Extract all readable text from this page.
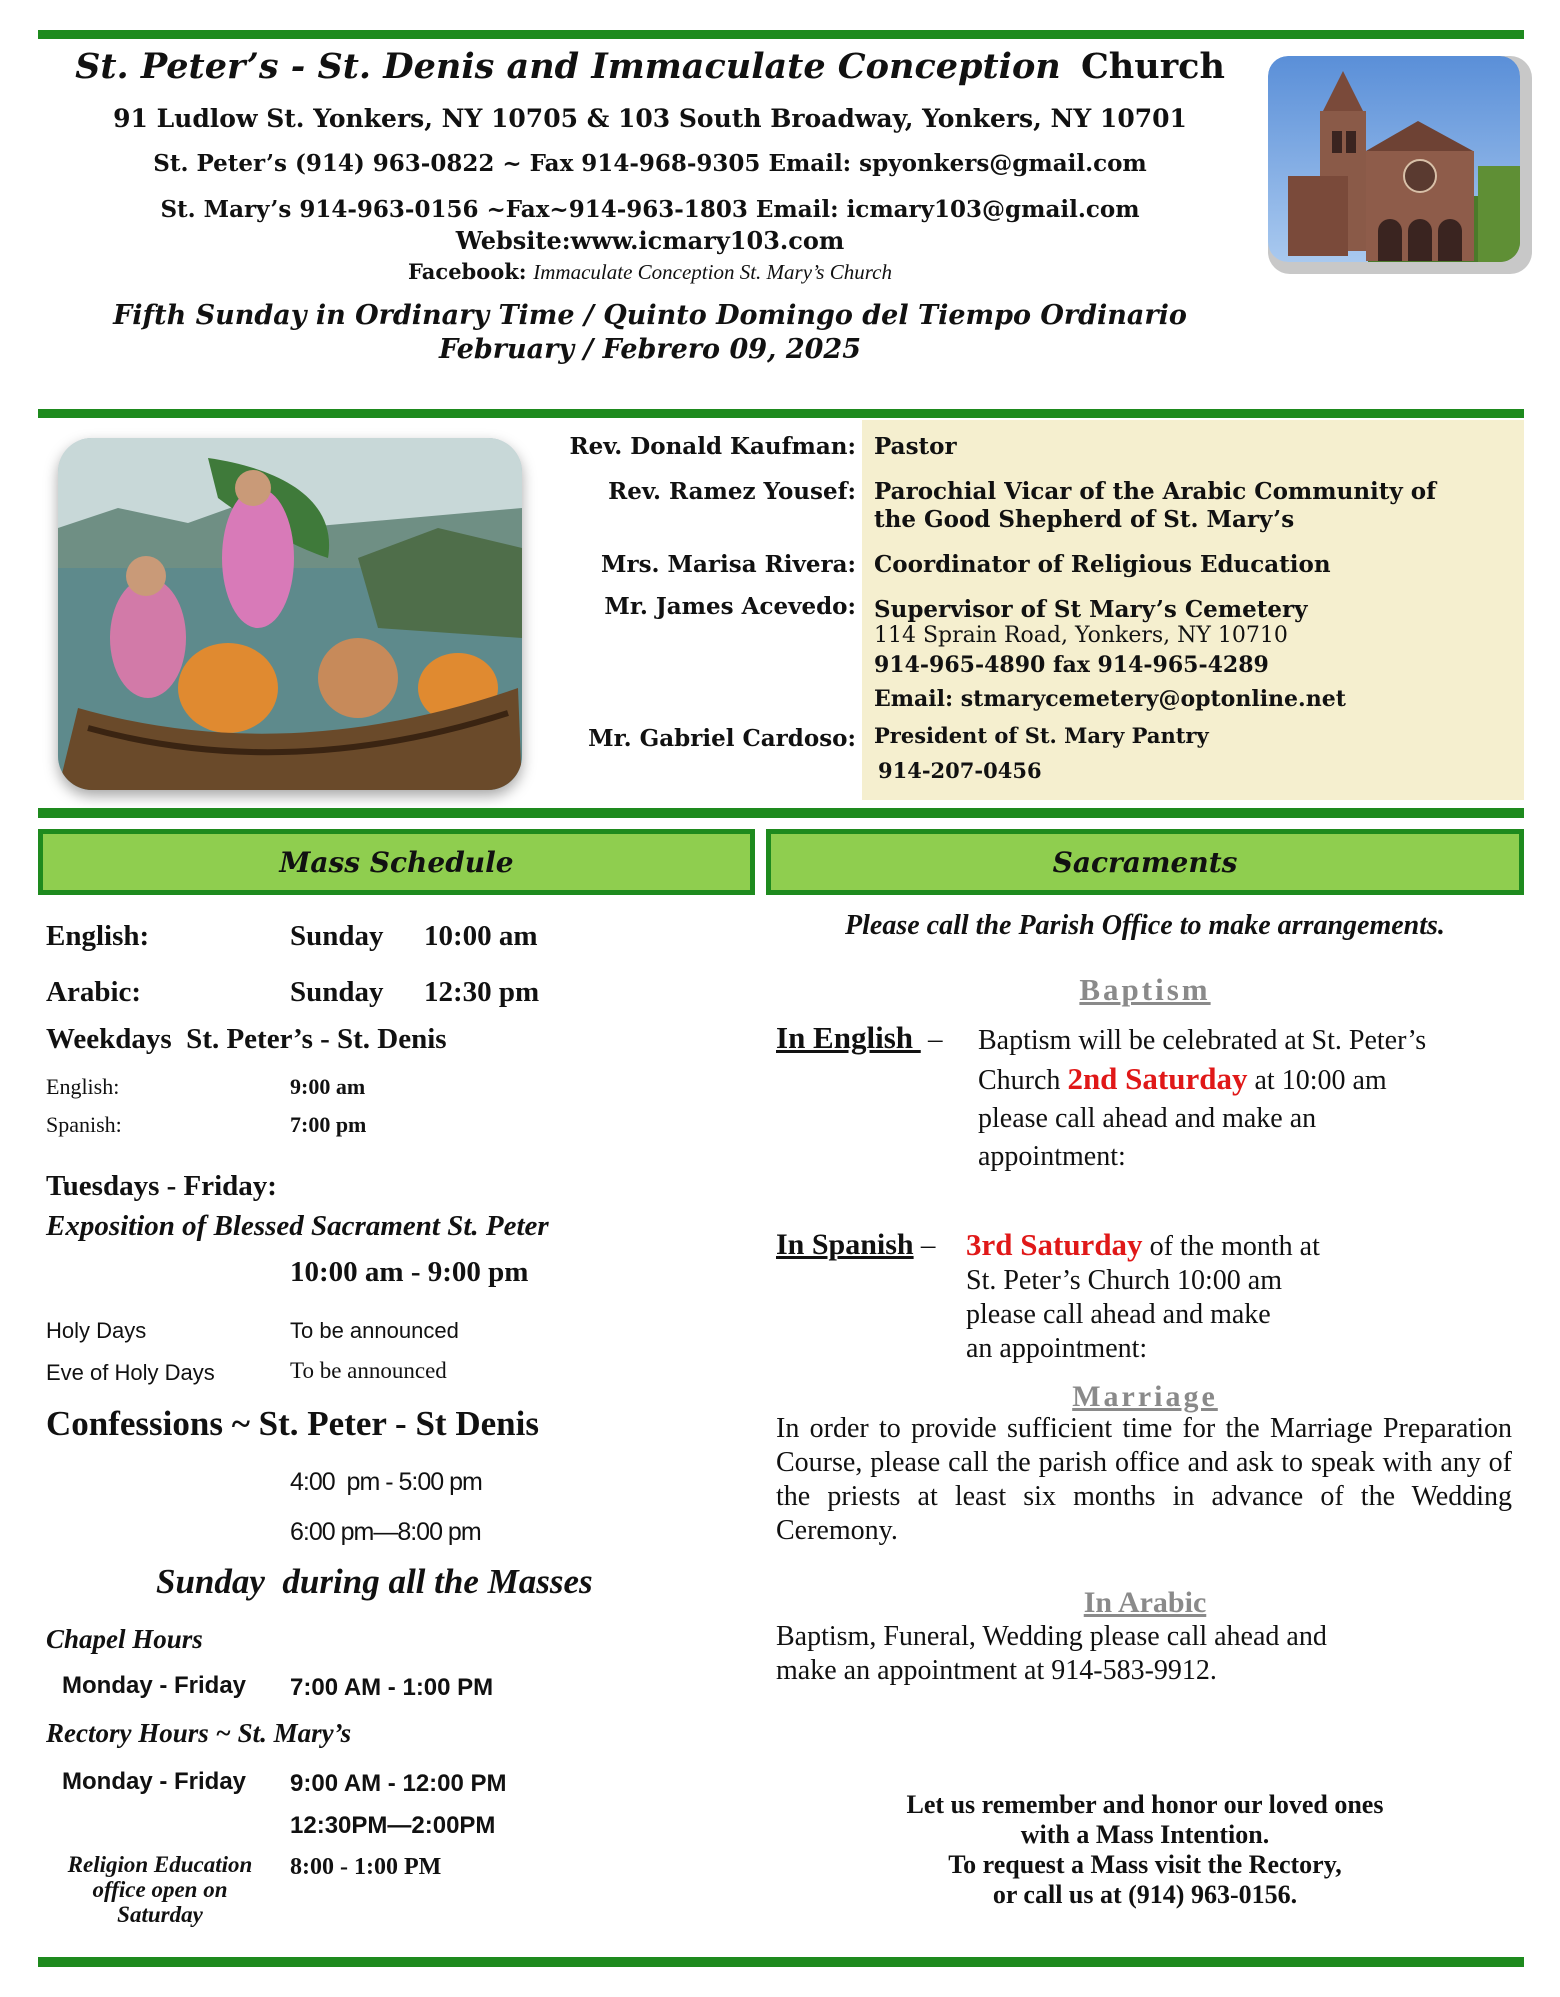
St. Peter’s - St. Denis and Immaculate Conception Church
91 Ludlow St. Yonkers, NY 10705 & 103 South Broadway, Yonkers, NY 10701
St. Peter’s (914) 963-0822 ~ Fax 914-968-9305 Email: spyonkers@gmail.com
St. Mary’s 914-963-0156 ~Fax~914-963-1803 Email: icmary103@gmail.com
Website:www.icmary103.com
Facebook: Immaculate Conception St. Mary’s Church
Fifth Sunday in Ordinary Time / Quinto Domingo del Tiempo Ordinario
February / Febrero 09, 2025
Rev. Donald Kaufman: Pastor
Rev. Ramez Yousef: Parochial Vicar of the Arabic Community of
the Good Shepherd of St. Mary’s
Mrs. Marisa Rivera: Coordinator of Religious Education
Mr. James Acevedo: Supervisor of St Mary’s Cemetery
114 Sprain Road, Yonkers, NY 10710
914-965-4890 fax 914-965-4289
Email: stmarycemetery@optonline.net
Mr. Gabriel Cardoso: President of St. Mary Pantry
914-207-0456
Mass Schedule	Sacraments
English:	Sunday 10:00 am
Arabic:	Sunday 12:30 pm
Weekdays  St. Peter’s - St. Denis
English:	9:00 am
Spanish:	7:00 pm
Tuesdays - Friday:
Exposition of Blessed Sacrament St. Peter
10:00 am - 9:00 pm
Holy Days	To be announced
Eve of Holy Days	To be announced
Confessions ~ St. Peter - St Denis
4:00  pm - 5:00 pm
6:00 pm—8:00 pm
Sunday  during all the Masses
Chapel Hours
Monday - Friday 7:00 AM - 1:00 PM
Rectory Hours ~ St. Mary’s
Monday - Friday 9:00 AM - 12:00 PM
12:30PM—2:00PM
Religion Education
office open on
Saturday
8:00 - 1:00 PM
Please call the Parish Office to make arrangements.
Baptism
In English  – Baptism will be celebrated at St. Peter’s
Church 2nd Saturday at 10:00 am
please call ahead and make an
appointment:
In Spanish – 3rd Saturday of the month at
St. Peter’s Church 10:00 am
please call ahead and make
an appointment:
Marriage
In order to provide sufficient time for the Marriage Preparation Course, please call the parish office and ask to speak with any of the priests at least six months in advance of the Wedding Ceremony.
In Arabic
Baptism, Funeral, Wedding please call ahead and
make an appointment at 914-583-9912.
Let us remember and honor our loved ones
with a Mass Intention.
To request a Mass visit the Rectory,
or call us at (914) 963-0156.
